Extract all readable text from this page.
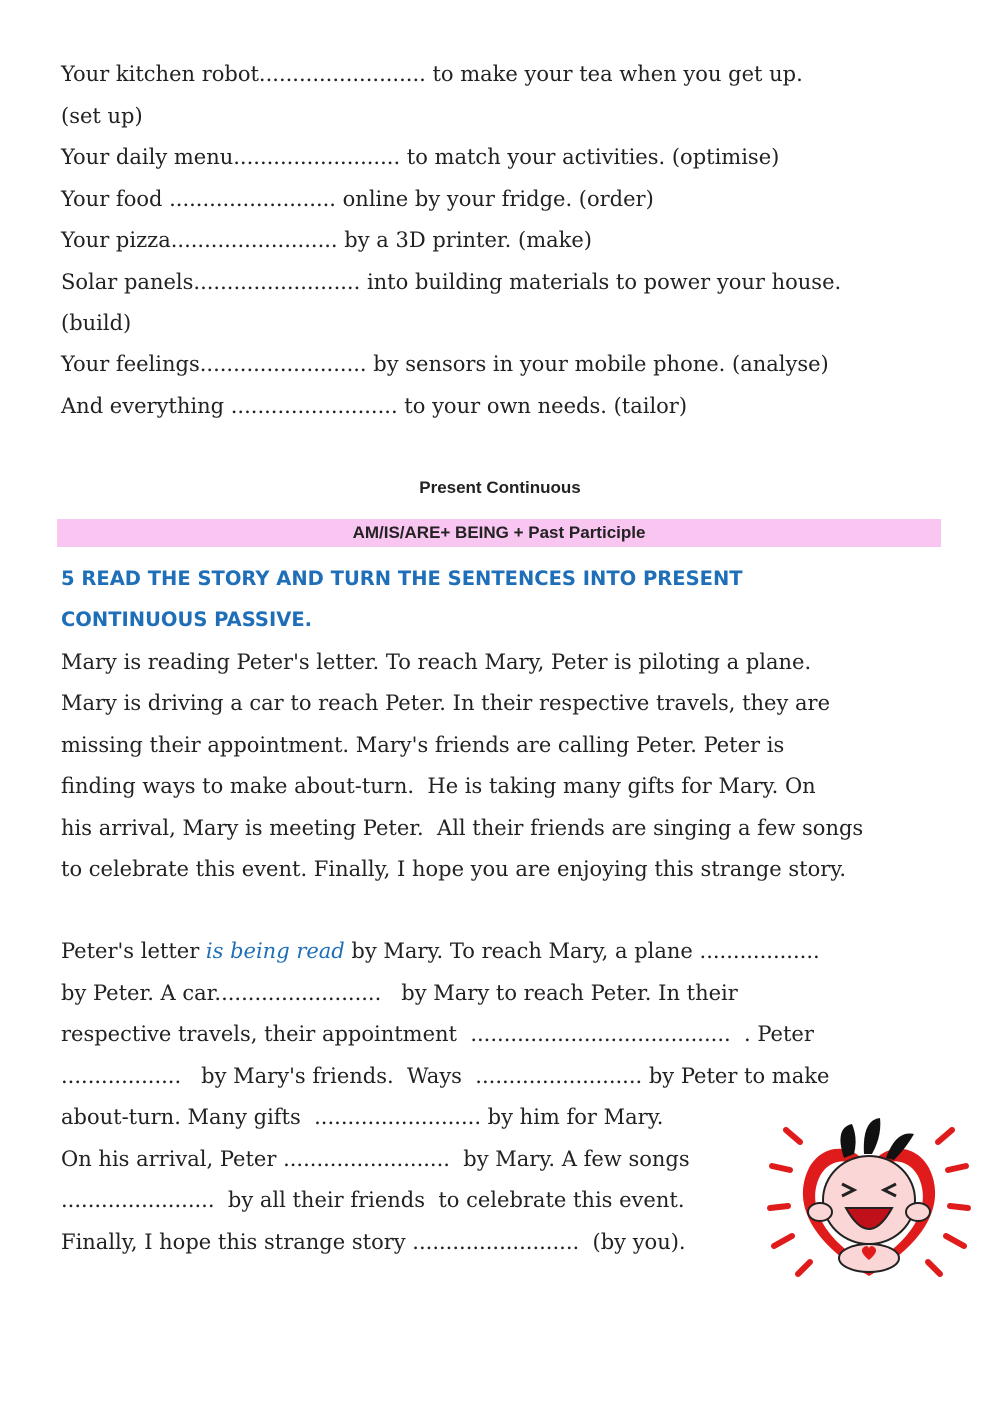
Your kitchen robot......................... to make your tea when you get up.
(set up)
Your daily menu......................... to match your activities. (optimise)
Your food ......................... online by your fridge. (order)
Your pizza......................... by a 3D printer. (make)
Solar panels......................... into building materials to power your house.
(build)
Your feelings......................... by sensors in your mobile phone. (analyse)
And everything ......................... to your own needs. (tailor)
Present Continuous
AM/IS/ARE+ BEING + Past Participle
5 READ THE STORY AND TURN THE SENTENCES INTO PRESENT
CONTINUOUS PASSIVE.
Mary is reading Peter's letter. To reach Mary, Peter is piloting a plane.
Mary is driving a car to reach Peter. In their respective travels, they are
missing their appointment. Mary's friends are calling Peter. Peter is
finding ways to make about-turn.  He is taking many gifts for Mary. On
his arrival, Mary is meeting Peter.  All their friends are singing a few songs
to celebrate this event. Finally, I hope you are enjoying this strange story.
Peter's letter is being read by Mary. To reach Mary, a plane ..................
by Peter. A car.........................   by Mary to reach Peter. In their
respective travels, their appointment  .......................................  . Peter
..................   by Mary's friends.  Ways  ......................... by Peter to make
about-turn. Many gifts  ......................... by him for Mary.
On his arrival, Peter .........................  by Mary. A few songs
.......................  by all their friends  to celebrate this event.
Finally, I hope this strange story .........................  (by you).
